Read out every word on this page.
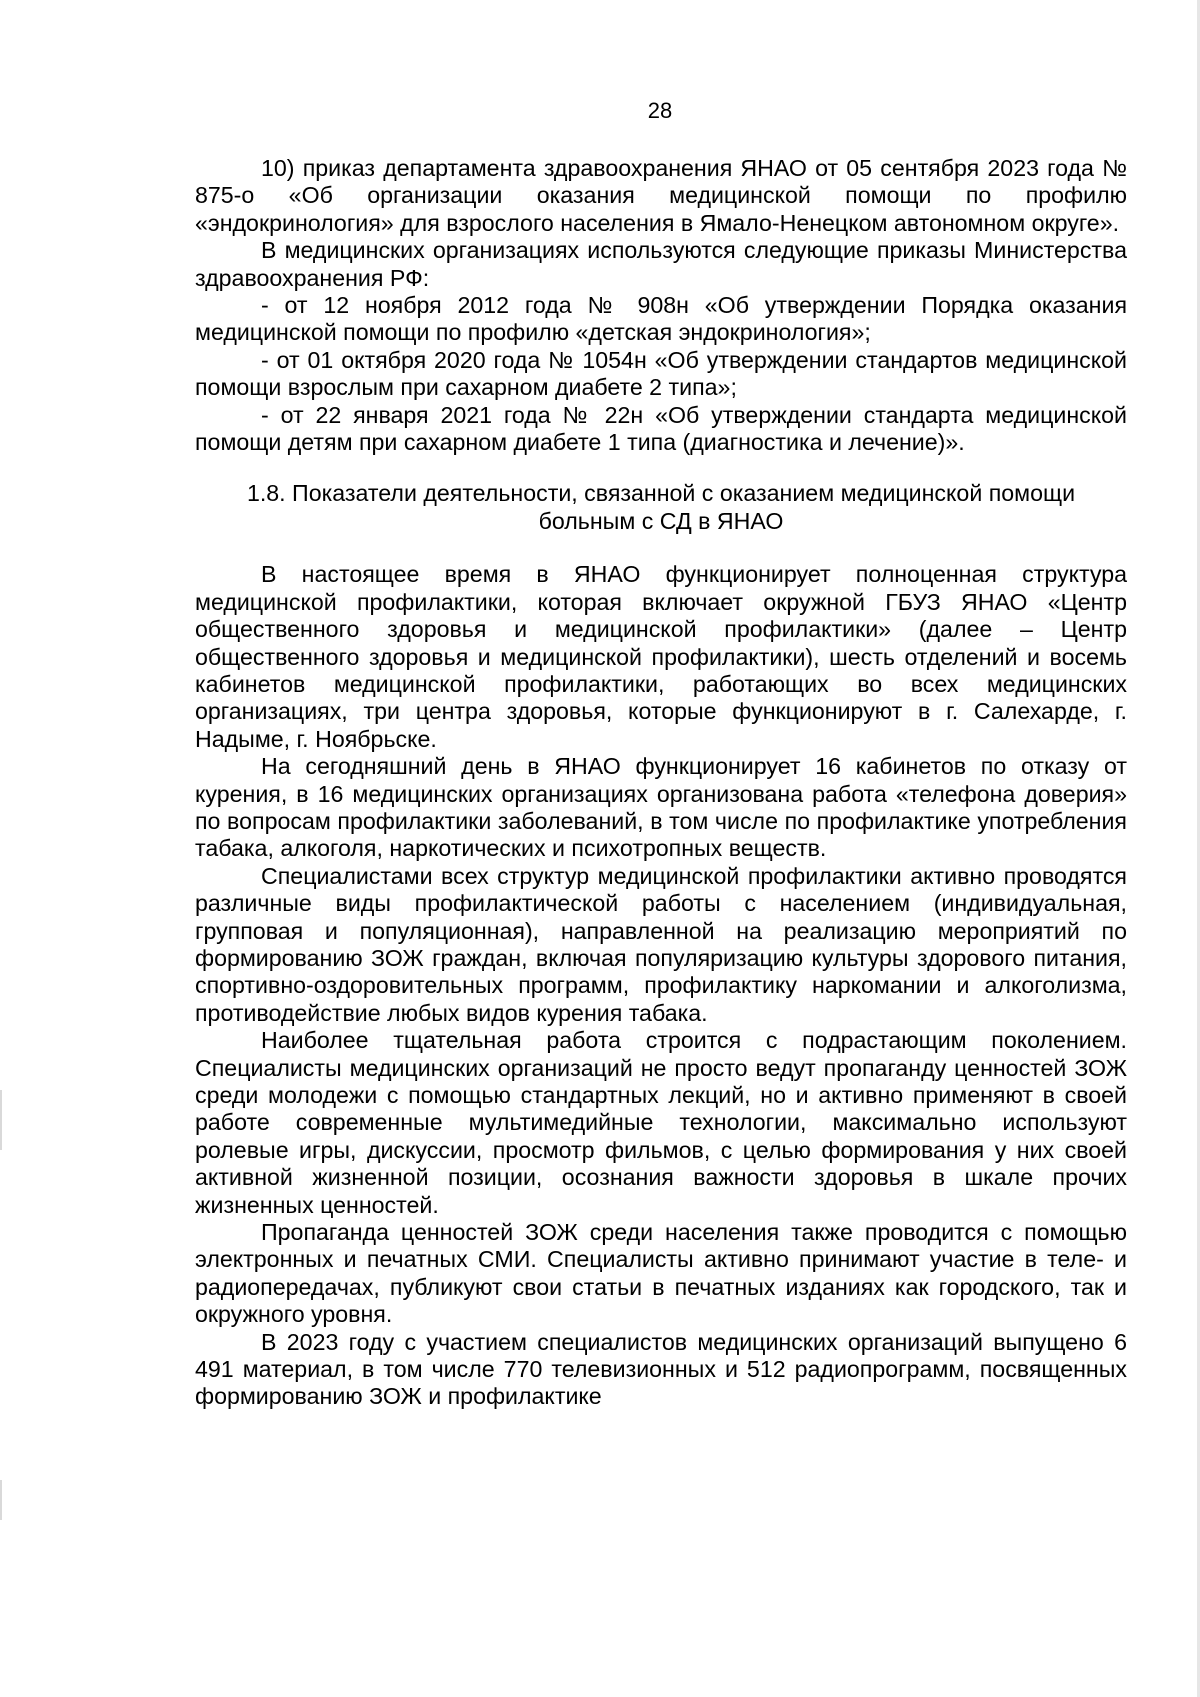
28

10) приказ департамента здравоохранения ЯНАО от 05 сентября 2023 года № 875-о «Об организации оказания медицинской помощи по профилю «эндокринология» для взрослого населения в Ямало-Ненецком автономном округе».

В медицинских организациях используются следующие приказы Министерства здравоохранения РФ:

- от 12 ноября 2012 года № 908н «Об утверждении Порядка оказания медицинской помощи по профилю «детская эндокринология»;

- от 01 октября 2020 года № 1054н «Об утверждении стандартов медицинской помощи взрослым при сахарном диабете 2 типа»;

- от 22 января 2021 года № 22н «Об утверждении стандарта медицинской помощи детям при сахарном диабете 1 типа (диагностика и лечение)».

1.8. Показатели деятельности, связанной с оказанием медицинской помощи
больным с СД в ЯНАО

В настоящее время в ЯНАО функционирует полноценная структура медицинской профилактики, которая включает окружной ГБУЗ ЯНАО «Центр общественного здоровья и медицинской профилактики» (далее – Центр общественного здоровья и медицинской профилактики), шесть отделений и восемь кабинетов медицинской профилактики, работающих во всех медицинских организациях, три центра здоровья, которые функционируют в г. Салехарде, г. Надыме, г. Ноябрьске.

На сегодняшний день в ЯНАО функционирует 16 кабинетов по отказу от курения, в 16 медицинских организациях организована работа «телефона доверия» по вопросам профилактики заболеваний, в том числе по профилактике употребления табака, алкоголя, наркотических и психотропных веществ.

Специалистами всех структур медицинской профилактики активно проводятся различные виды профилактической работы с населением (индивидуальная, групповая и популяционная), направленной на реализацию мероприятий по формированию ЗОЖ граждан, включая популяризацию культуры здорового питания, спортивно-оздоровительных программ, профилактику наркомании и алкоголизма, противодействие любых видов курения табака.

Наиболее тщательная работа строится с подрастающим поколением. Специалисты медицинских организаций не просто ведут пропаганду ценностей ЗОЖ среди молодежи с помощью стандартных лекций, но и активно применяют в своей работе современные мультимедийные технологии, максимально используют ролевые игры, дискуссии, просмотр фильмов, с целью формирования у них своей активной жизненной позиции, осознания важности здоровья в шкале прочих жизненных ценностей.

Пропаганда ценностей ЗОЖ среди населения также проводится с помощью электронных и печатных СМИ. Специалисты активно принимают участие в теле- и радиопередачах, публикуют свои статьи в печатных изданиях как городского, так и окружного уровня.

В 2023 году с участием специалистов медицинских организаций выпущено 6 491 материал, в том числе 770 телевизионных и 512 радиопрограмм, посвященных формированию ЗОЖ и профилактике
